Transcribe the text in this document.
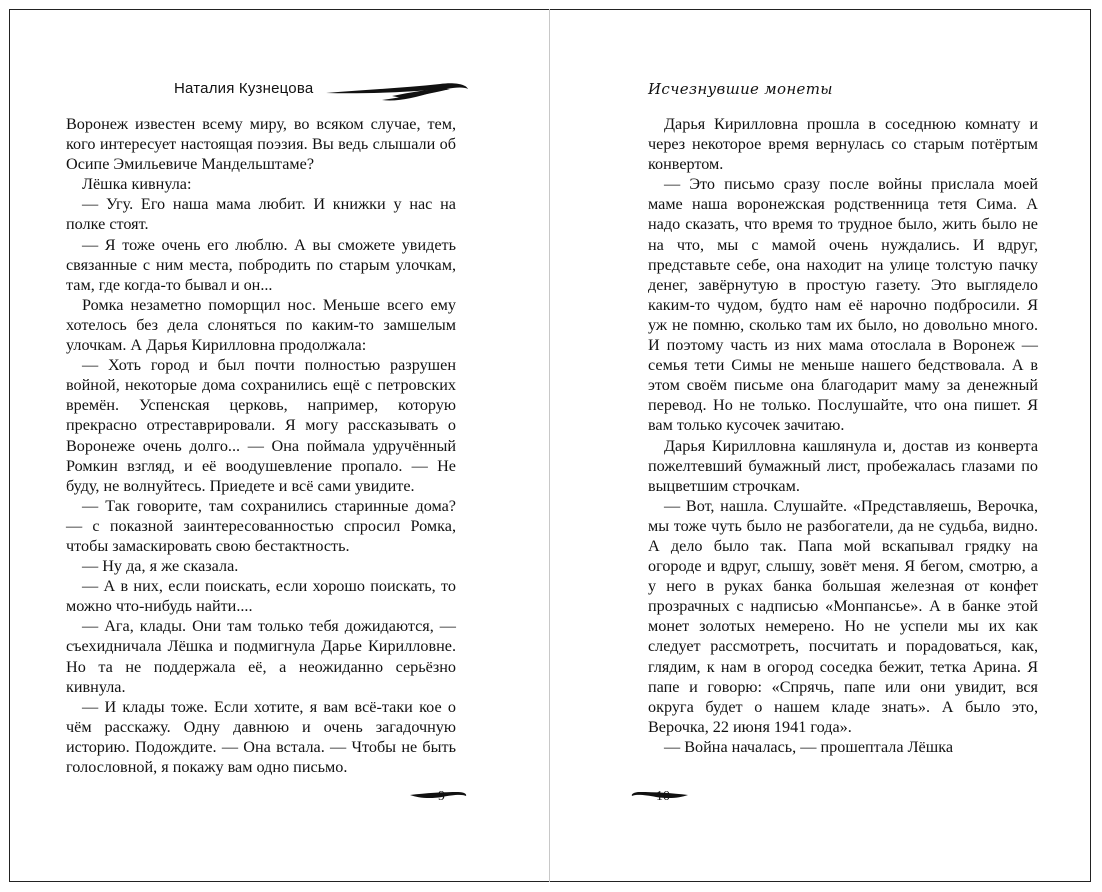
Наталия Кузнецова	Исчезнувшие монеты

Воронеж известен всему миру, во всяком случае, тем, кого интересует настоящая поэзия. Вы ведь слышали об Осипе Эмильевиче Мандельштаме?

Лёшка кивнула:

— Угу. Его наша мама любит. И книжки у нас на полке стоят.

— Я тоже очень его люблю. А вы сможете увидеть связанные с ним места, побродить по старым улочкам, там, где когда-то бывал и он...

Ромка незаметно поморщил нос. Меньше всего ему хотелось без дела слоняться по каким-то замшелым улочкам. А Дарья Кирилловна продолжала:

— Хоть город и был почти полностью разрушен войной, некоторые дома сохранились ещё с петровских времён. Успенская церковь, например, которую прекрасно отреставрировали. Я могу рассказывать о Воронеже очень долго... — Она поймала удручённый Ромкин взгляд, и её воодушевление пропало. — Не буду, не волнуйтесь. Приедете и всё сами увидите.

— Так говорите, там сохранились старинные дома? — с показной заинтересованностью спросил Ромка, чтобы замаскировать свою бестактность.

— Ну да, я же сказала.

— А в них, если поискать, если хорошо поискать, то можно что-нибудь найти....

— Ага, клады. Они там только тебя дожидаются, — съехидничала Лёшка и подмигнула Дарье Кирилловне. Но та не поддержала её, а неожиданно серьёзно кивнула.

— И клады тоже. Если хотите, я вам всё-таки кое о чём расскажу. Одну давнюю и очень загадочную историю. Подождите. — Она встала. — Чтобы не быть голословной, я покажу вам одно письмо.

Дарья Кирилловна прошла в соседнюю комнату и через некоторое время вернулась со старым потёртым конвертом.

— Это письмо сразу после войны прислала моей маме наша воронежская родственница тетя Сима. А надо сказать, что время то трудное было, жить было не на что, мы с мамой очень нуждались. И вдруг, представьте себе, она находит на улице толстую пачку денег, завёрнутую в простую газету. Это выглядело каким-то чудом, будто нам её нарочно подбросили. Я уж не помню, сколько там их было, но довольно много. И поэтому часть из них мама отослала в Воронеж — семья тети Симы не меньше нашего бедствовала. А в этом своём письме она благодарит маму за денежный перевод. Но не только. Послушайте, что она пишет. Я вам только кусочек зачитаю.

Дарья Кирилловна кашлянула и, достав из конверта пожелтевший бумажный лист, пробежалась глазами по выцветшим строчкам.

— Вот, нашла. Слушайте. «Представляешь, Верочка, мы тоже чуть было не разбогатели, да не судьба, видно. А дело было так. Папа мой вскапывал грядку на огороде и вдруг, слышу, зовёт меня. Я бегом, смотрю, а у него в руках банка большая железная от конфет прозрачных с надписью «Монпансье». А в банке этой монет золотых немерено. Но не успели мы их как следует рассмотреть, посчитать и порадоваться, как, глядим, к нам в огород соседка бежит, тетка Арина. Я папе и говорю: «Спрячь, папе или они увидит, вся округа будет о нашем кладе знать». А было это, Верочка, 22 июня 1941 года».

— Война началась, — прошептала Лёшка

9	10
